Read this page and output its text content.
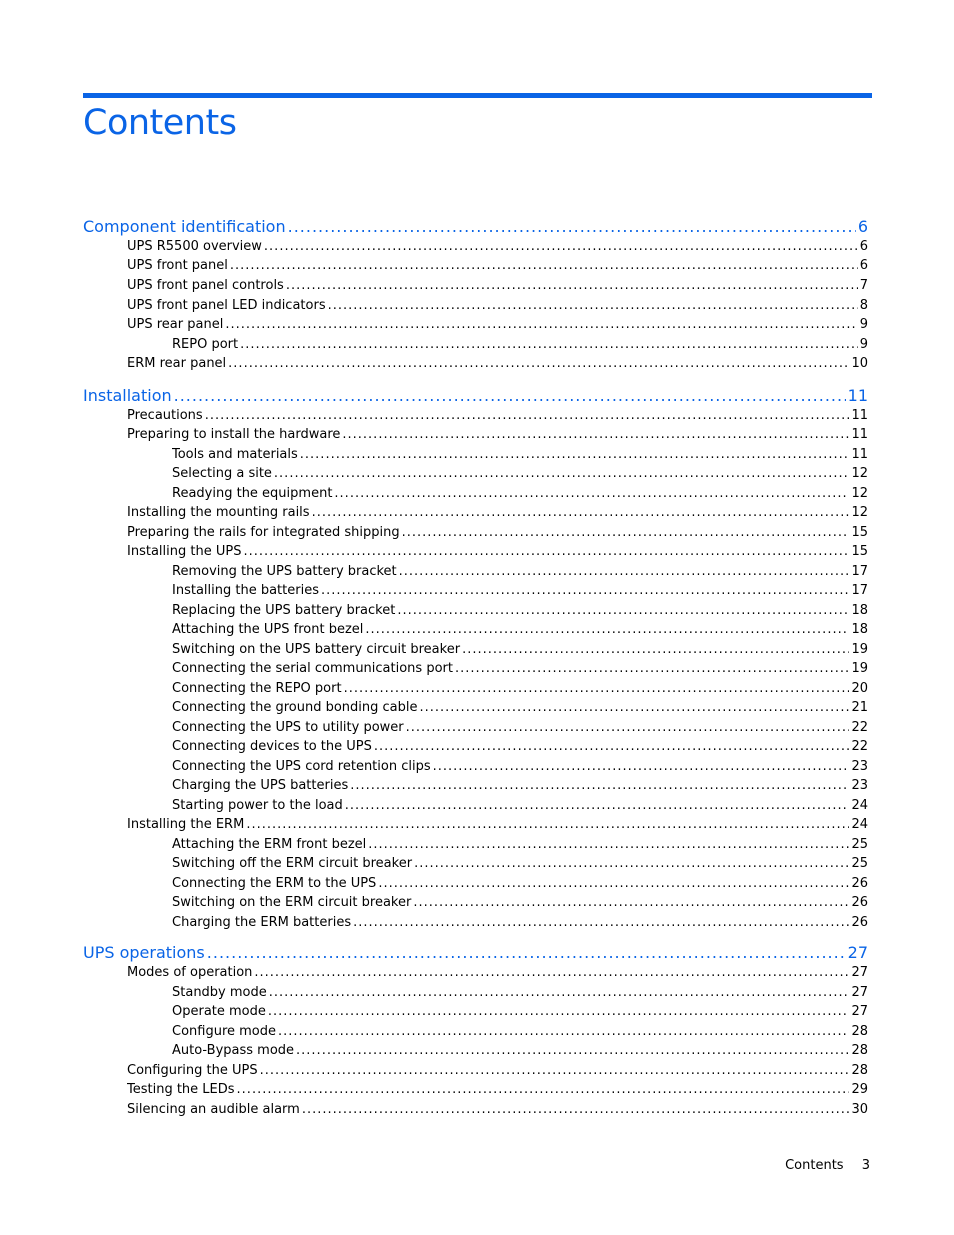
Contents
Component identification .....	6
UPS R5500 overview .....	6
UPS front panel .....	6
UPS front panel controls .....	7
UPS front panel LED indicators .....	8
UPS rear panel .....	9
REPO port .....	9
ERM rear panel .....	10
Installation .....	11
Precautions .....	11
Preparing to install the hardware .....	11
Tools and materials .....	11
Selecting a site .....	12
Readying the equipment .....	12
Installing the mounting rails .....	12
Preparing the rails for integrated shipping .....	15
Installing the UPS .....	15
Removing the UPS battery bracket .....	17
Installing the batteries .....	17
Replacing the UPS battery bracket .....	18
Attaching the UPS front bezel .....	18
Switching on the UPS battery circuit breaker .....	19
Connecting the serial communications port .....	19
Connecting the REPO port .....	20
Connecting the ground bonding cable .....	21
Connecting the UPS to utility power .....	22
Connecting devices to the UPS .....	22
Connecting the UPS cord retention clips .....	23
Charging the UPS batteries .....	23
Starting power to the load .....	24
Installing the ERM .....	24
Attaching the ERM front bezel .....	25
Switching off the ERM circuit breaker .....	25
Connecting the ERM to the UPS .....	26
Switching on the ERM circuit breaker .....	26
Charging the ERM batteries .....	26
UPS operations .....	27
Modes of operation .....	27
Standby mode .....	27
Operate mode .....	27
Configure mode .....	28
Auto-Bypass mode .....	28
Configuring the UPS .....	28
Testing the LEDs .....	29
Silencing an audible alarm .....	30
Contents 3
